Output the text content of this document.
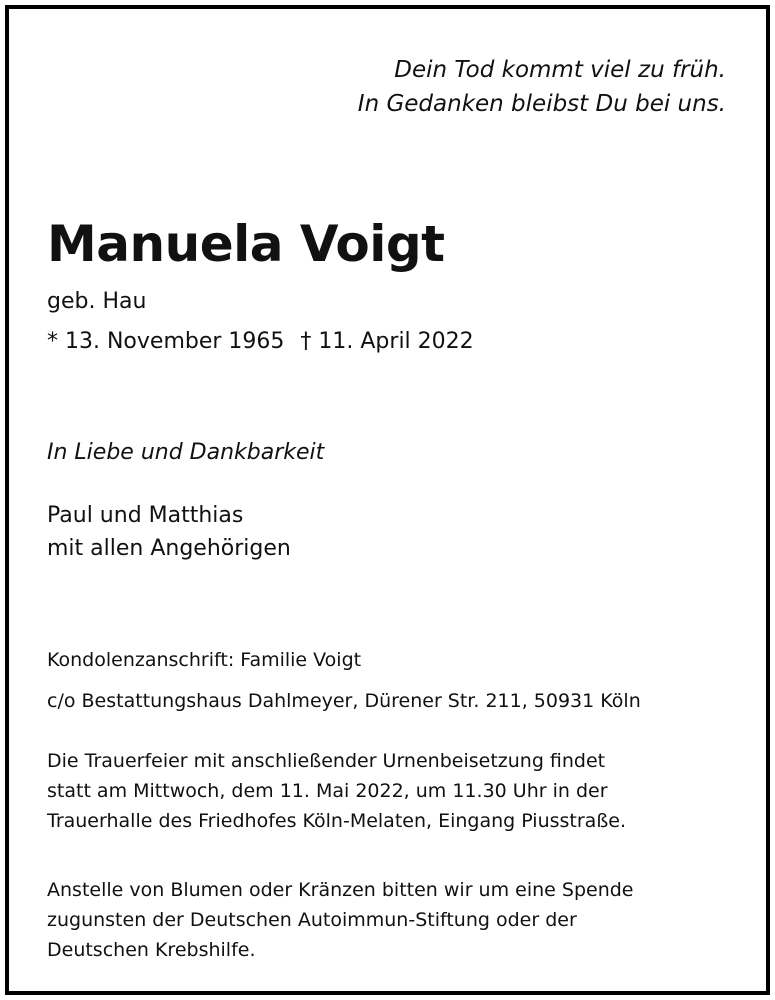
Dein Tod kommt viel zu früh.
In Gedanken bleibst Du bei uns.
Manuela Voigt
geb. Hau
* 13. November 1965 † 11. April 2022
In Liebe und Dankbarkeit
Paul und Matthias
mit allen Angehörigen
Kondolenzanschrift: Familie Voigt
c/o Bestattungshaus Dahlmeyer, Dürener Str. 211, 50931 Köln
Die Trauerfeier mit anschließender Urnenbeisetzung findet
statt am Mittwoch, dem 11. Mai 2022, um 11.30 Uhr in der
Trauerhalle des Friedhofes Köln-Melaten, Eingang Piusstraße.
Anstelle von Blumen oder Kränzen bitten wir um eine Spende
zugunsten der Deutschen Autoimmun-Stiftung oder der
Deutschen Krebshilfe.
